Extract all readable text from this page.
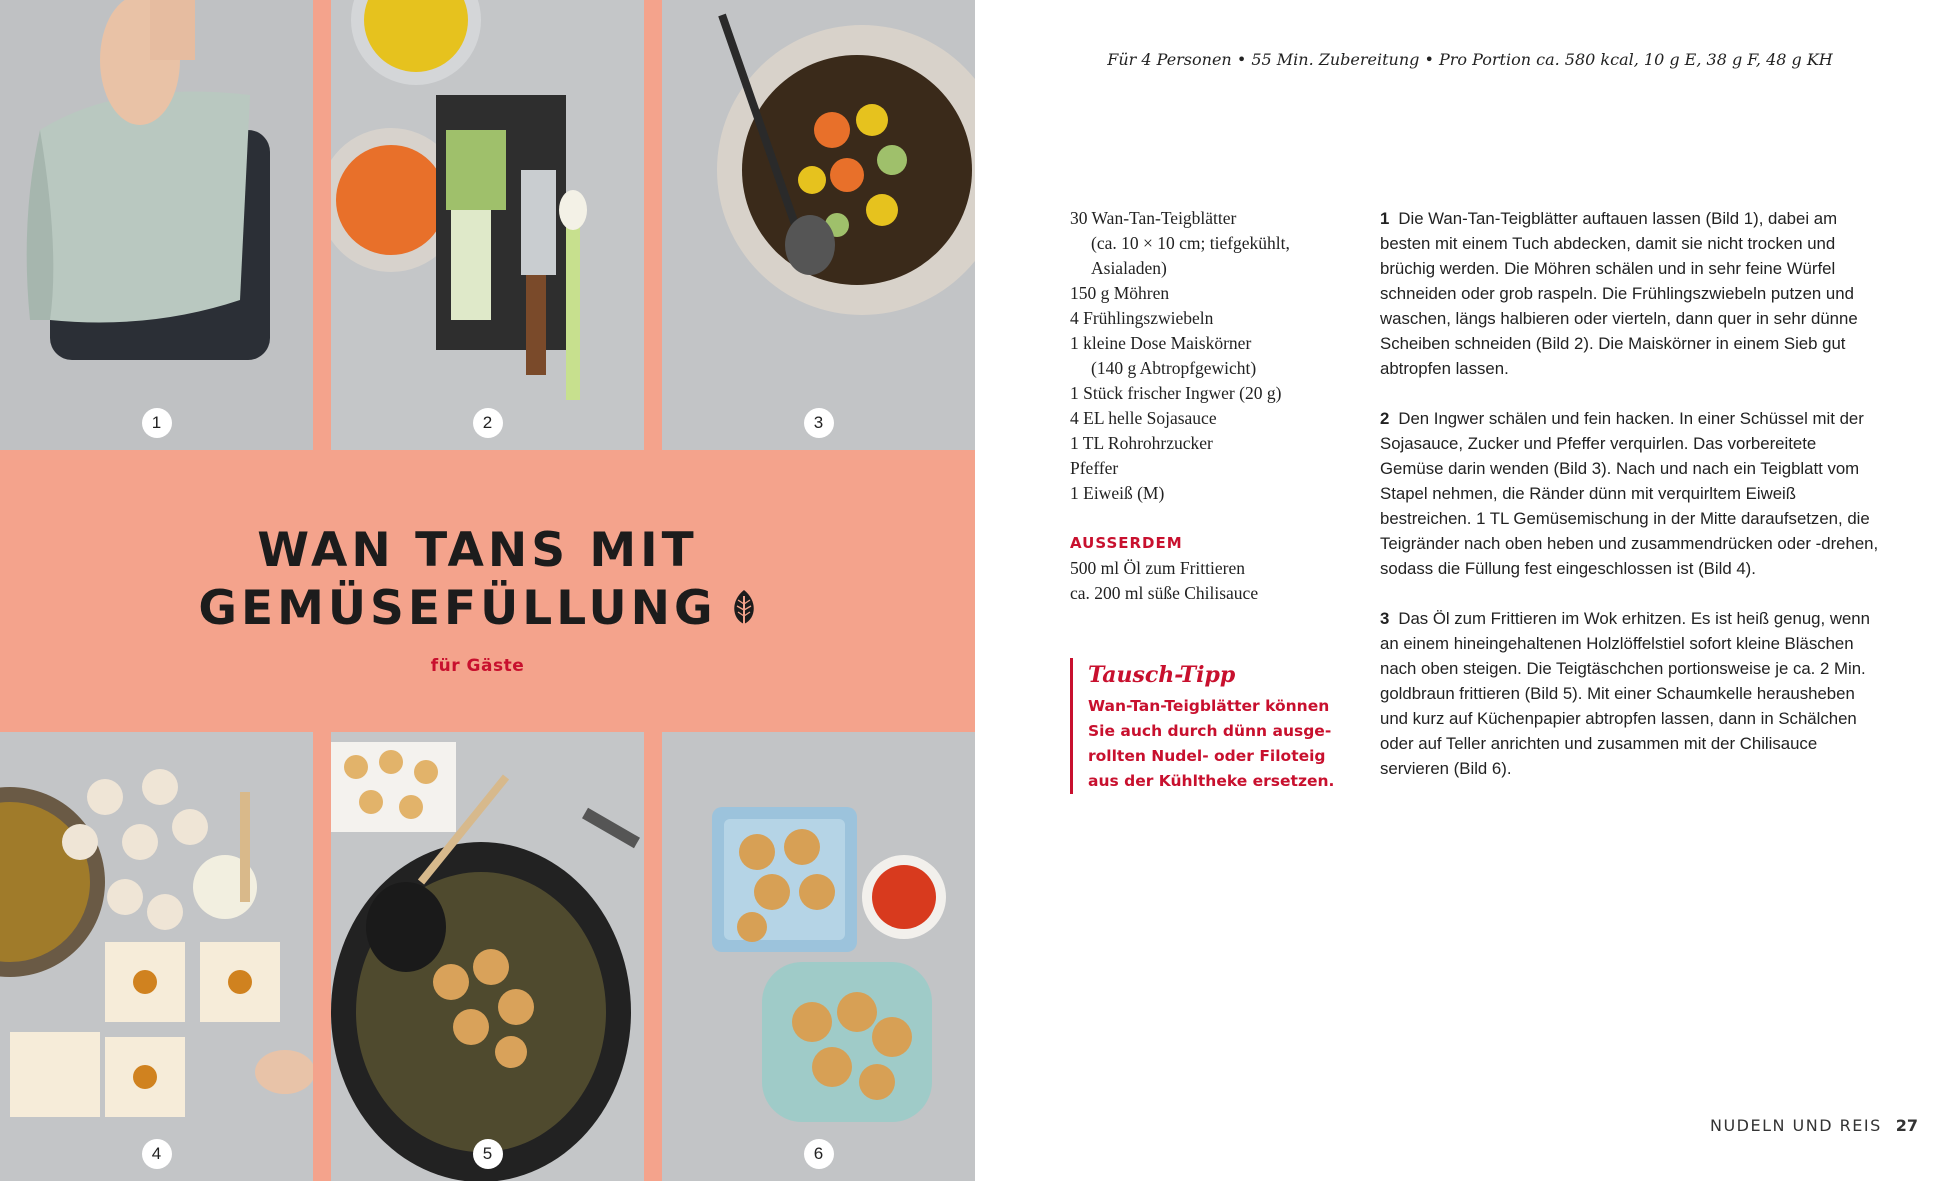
1	2	3
WAN TANS MIT
GEMÜSEFÜLLUNG
für Gäste
4	5	6
Für 4 Personen • 55 Min. Zubereitung • Pro Portion ca. 580 kcal, 10 g E, 38 g F, 48 g KH
30 Wan-Tan-Teigblätter
(ca. 10 × 10 cm; tiefgekühlt,
Asialaden)
150 g Möhren
4 Frühlingszwiebeln
1 kleine Dose Maiskörner
(140 g Abtropfgewicht)
1 Stück frischer Ingwer (20 g)
4 EL helle Sojasauce
1 TL Rohrohrzucker
Pfeffer
1 Eiweiß (M)
AUSSERDEM
500 ml Öl zum Frittieren
ca. 200 ml süße Chilisauce
Tausch-Tipp
Wan-Tan-Teigblätter können Sie auch durch dünn ausgerollten Nudel- oder Filoteig aus der Kühltheke ersetzen.
1 Die Wan-Tan-Teigblätter auftauen lassen (Bild 1), dabei am besten mit einem Tuch abdecken, damit sie nicht trocken und brüchig werden. Die Möhren schälen und in sehr feine Würfel schneiden oder grob raspeln. Die Frühlingszwiebeln putzen und waschen, längs halbieren oder vierteln, dann quer in sehr dünne Scheiben schneiden (Bild 2). Die Maiskörner in einem Sieb gut abtropfen lassen.
2 Den Ingwer schälen und fein hacken. In einer Schüssel mit der Sojasauce, Zucker und Pfeffer verquirlen. Das vorbereitete Gemüse darin wenden (Bild 3). Nach und nach ein Teigblatt vom Stapel nehmen, die Ränder dünn mit verquirltem Eiweiß bestreichen. 1 TL Gemüsemischung in der Mitte daraufsetzen, die Teigränder nach oben heben und zusammendrücken oder -drehen, sodass die Füllung fest eingeschlossen ist (Bild 4).
3 Das Öl zum Frittieren im Wok erhitzen. Es ist heiß genug, wenn an einem hineingehaltenen Holzlöffelstiel sofort kleine Bläschen nach oben steigen. Die Teigtäschchen portionsweise je ca. 2 Min. goldbraun frittieren (Bild 5). Mit einer Schaumkelle herausheben und kurz auf Küchenpapier abtropfen lassen, dann in Schälchen oder auf Teller anrichten und zusammen mit der Chilisauce servieren (Bild 6).
NUDELN UND REIS 27
